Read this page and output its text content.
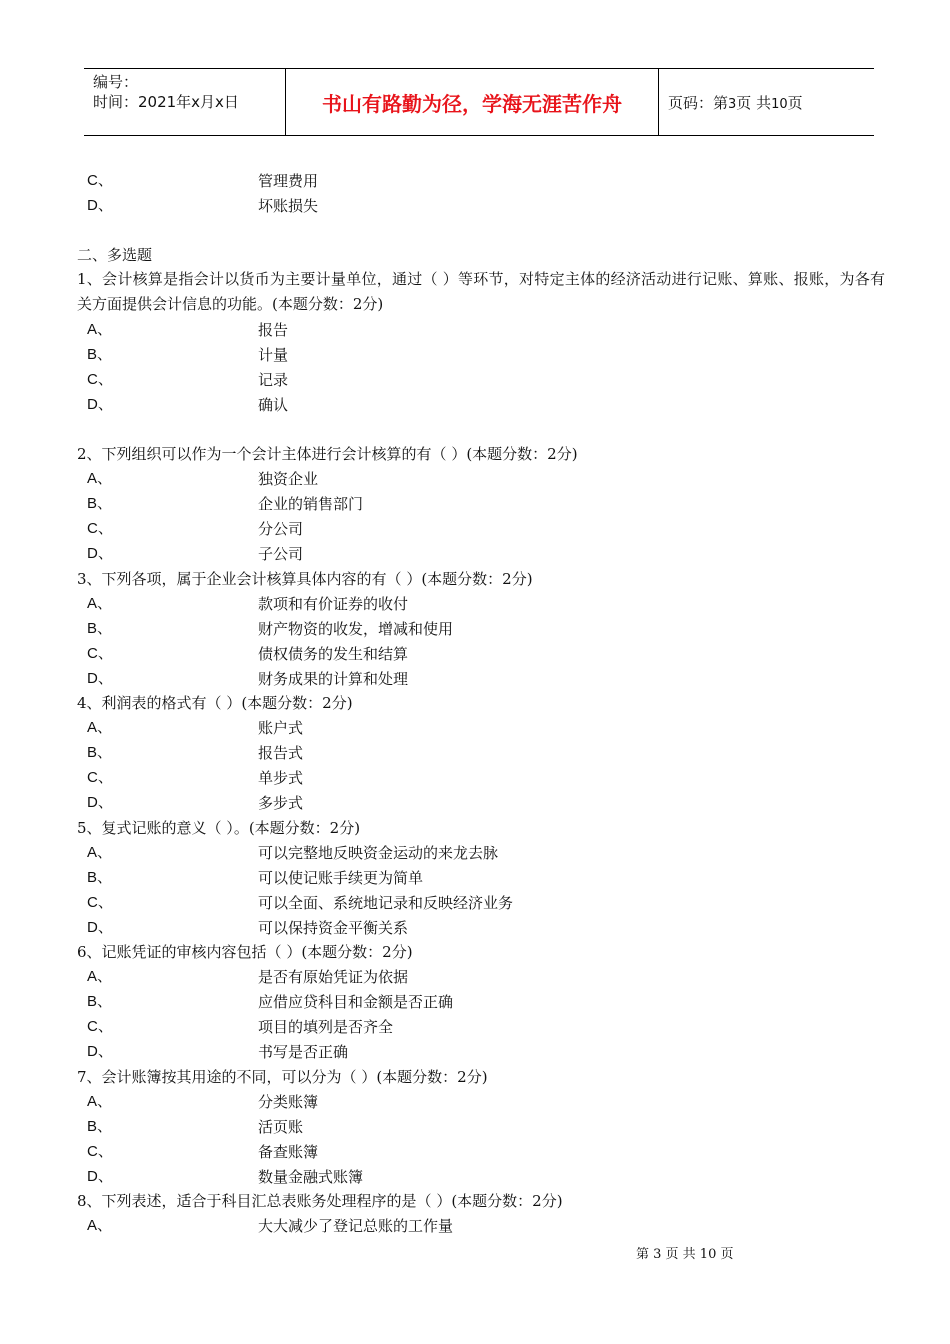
编号：
时间：2021年x月x日	书山有路勤为径，学海无涯苦作舟	页码：第3页 共10页
C、	管理费用
D、	坏账损失
二、多选题
1、会计核算是指会计以货币为主要计量单位，通过（ ）等环节，对特定主体的经济活动进行记账、算账、报账，为各有关方面提供会计信息的功能。(本题分数：2分)
A、	报告
B、	计量
C、	记录
D、	确认
2、下列组织可以作为一个会计主体进行会计核算的有（ ）(本题分数：2分)
A、	独资企业
B、	企业的销售部门
C、	分公司
D、	子公司
3、下列各项，属于企业会计核算具体内容的有（ ）(本题分数：2分)
A、	款项和有价证券的收付
B、	财产物资的收发，增减和使用
C、	债权债务的发生和结算
D、	财务成果的计算和处理
4、利润表的格式有（ ）(本题分数：2分)
A、	账户式
B、	报告式
C、	单步式
D、	多步式
5、复式记账的意义（ ）。(本题分数：2分)
A、	可以完整地反映资金运动的来龙去脉
B、	可以使记账手续更为简单
C、	可以全面、系统地记录和反映经济业务
D、	可以保持资金平衡关系
6、记账凭证的审核内容包括（ ）(本题分数：2分)
A、	是否有原始凭证为依据
B、	应借应贷科目和金额是否正确
C、	项目的填列是否齐全
D、	书写是否正确
7、会计账簿按其用途的不同，可以分为（ ）(本题分数：2分)
A、	分类账簿
B、	活页账
C、	备查账簿
D、	数量金融式账簿
8、下列表述，适合于科目汇总表账务处理程序的是（ ）(本题分数：2分)
A、	大大减少了登记总账的工作量
第 3 页 共 10 页
